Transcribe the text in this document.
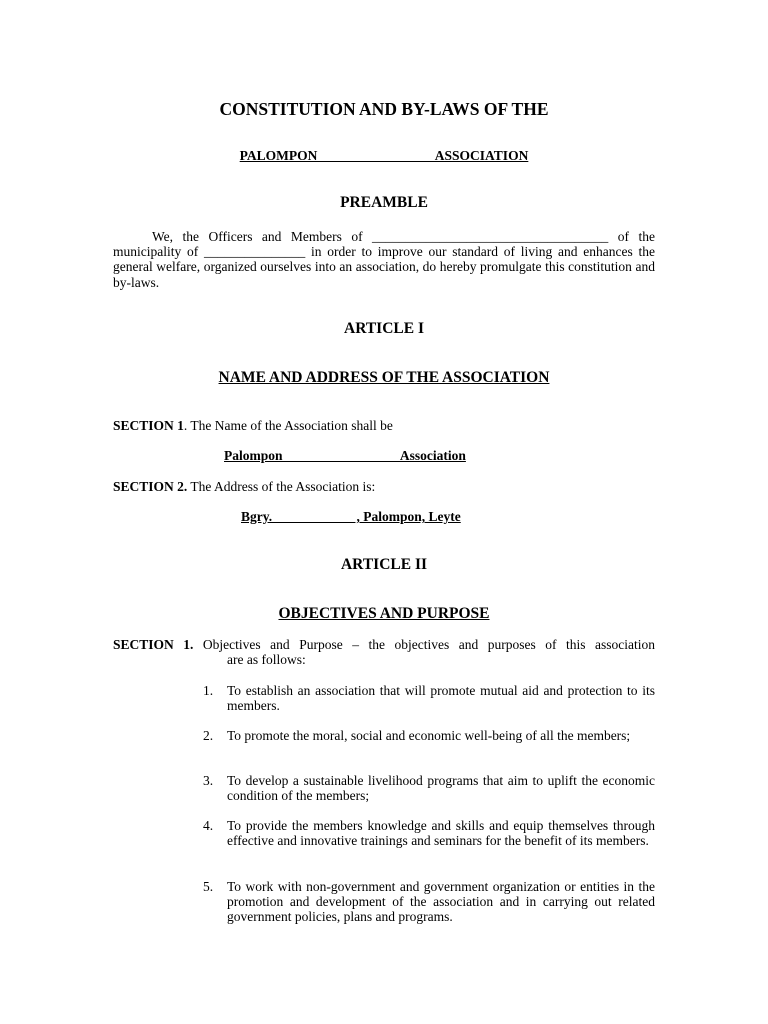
CONSTITUTION AND BY-LAWS OF THE
PALOMPON                                   ASSOCIATION
PREAMBLE
We, the Officers and Members of ___________________________________ of the municipality of _______________ in order to improve our standard of living and enhances the general welfare, organized ourselves into an association, do hereby promulgate this constitution and by-laws.
ARTICLE I
NAME AND ADDRESS OF THE ASSOCIATION
SECTION 1. The Name of the Association shall be
Palompon                                   Association
SECTION 2. The Address of the Association is:
Bgry.                         , Palompon, Leyte
ARTICLE II
OBJECTIVES AND PURPOSE
SECTION 1. Objectives and Purpose – the objectives and purposes of this association
are as follows:
1. To establish an association that will promote mutual aid and protection to its members.
2. To promote the moral, social and economic well-being of all the members;
3. To develop a sustainable livelihood programs that aim to uplift the economic condition of the members;
4. To provide the members knowledge and skills and equip themselves through effective and innovative trainings and seminars for the benefit of its members.
5. To work with non-government and government organization or entities in the promotion and development of the association and in carrying out related government policies, plans and programs.
